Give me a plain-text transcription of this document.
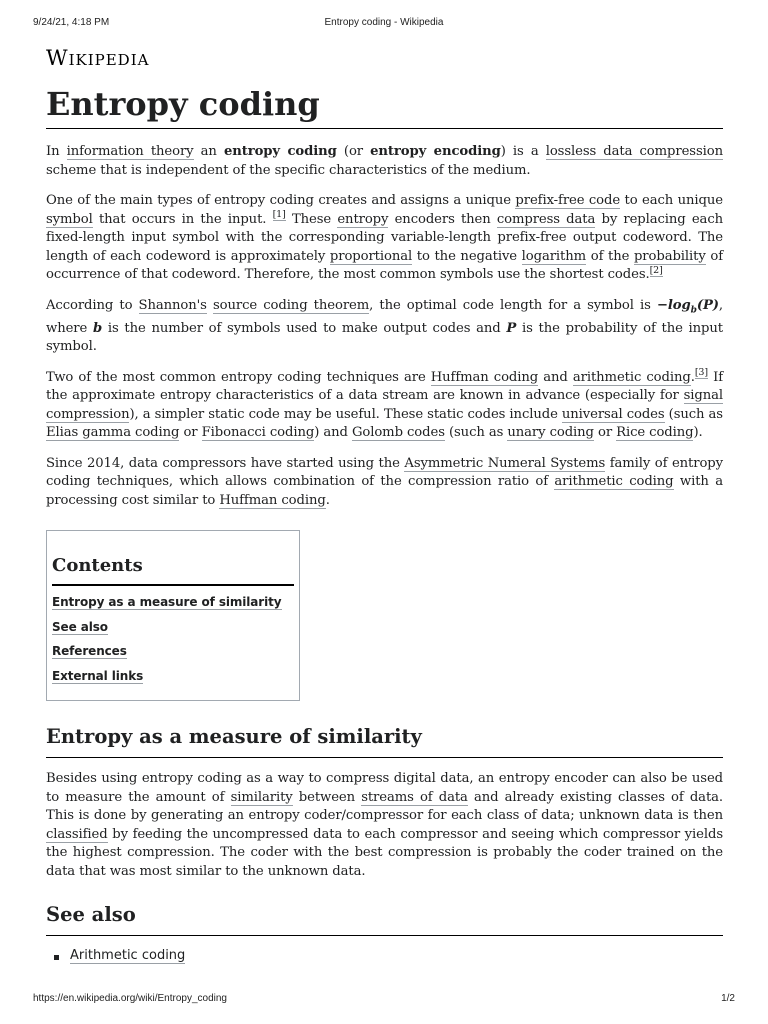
9/24/21, 4:18 PM	Entropy coding - Wikipedia
Wikipedia
Entropy coding

In information theory an entropy coding (or entropy encoding) is a lossless data compression scheme that is independent of the specific characteristics of the medium.

One of the main types of entropy coding creates and assigns a unique prefix-free code to each unique symbol that occurs in the input. [1] These entropy encoders then compress data by replacing each fixed-length input symbol with the corresponding variable-length prefix-free output codeword. The length of each codeword is approximately proportional to the negative logarithm of the probability of occurrence of that codeword. Therefore, the most common symbols use the shortest codes.[2]

According to Shannon's source coding theorem, the optimal code length for a symbol is $-\log_b(P)$, where b is the number of symbols used to make output codes and P is the probability of the input symbol.

Two of the most common entropy coding techniques are Huffman coding and arithmetic coding.[3] If the approximate entropy characteristics of a data stream are known in advance (especially for signal compression), a simpler static code may be useful. These static codes include universal codes (such as Elias gamma coding or Fibonacci coding) and Golomb codes (such as unary coding or Rice coding).

Since 2014, data compressors have started using the Asymmetric Numeral Systems family of entropy coding techniques, which allows combination of the compression ratio of arithmetic coding with a processing cost similar to Huffman coding.

Contents
Entropy as a measure of similarity
See also
References
External links
Entropy as a measure of similarity

Besides using entropy coding as a way to compress digital data, an entropy encoder can also be used to measure the amount of similarity between streams of data and already existing classes of data. This is done by generating an entropy coder/compressor for each class of data; unknown data is then classified by feeding the uncompressed data to each compressor and seeing which compressor yields the highest compression. The coder with the best compression is probably the coder trained on the data that was most similar to the unknown data.

See also
Arithmetic coding
https://en.wikipedia.org/wiki/Entropy_coding	1/2
